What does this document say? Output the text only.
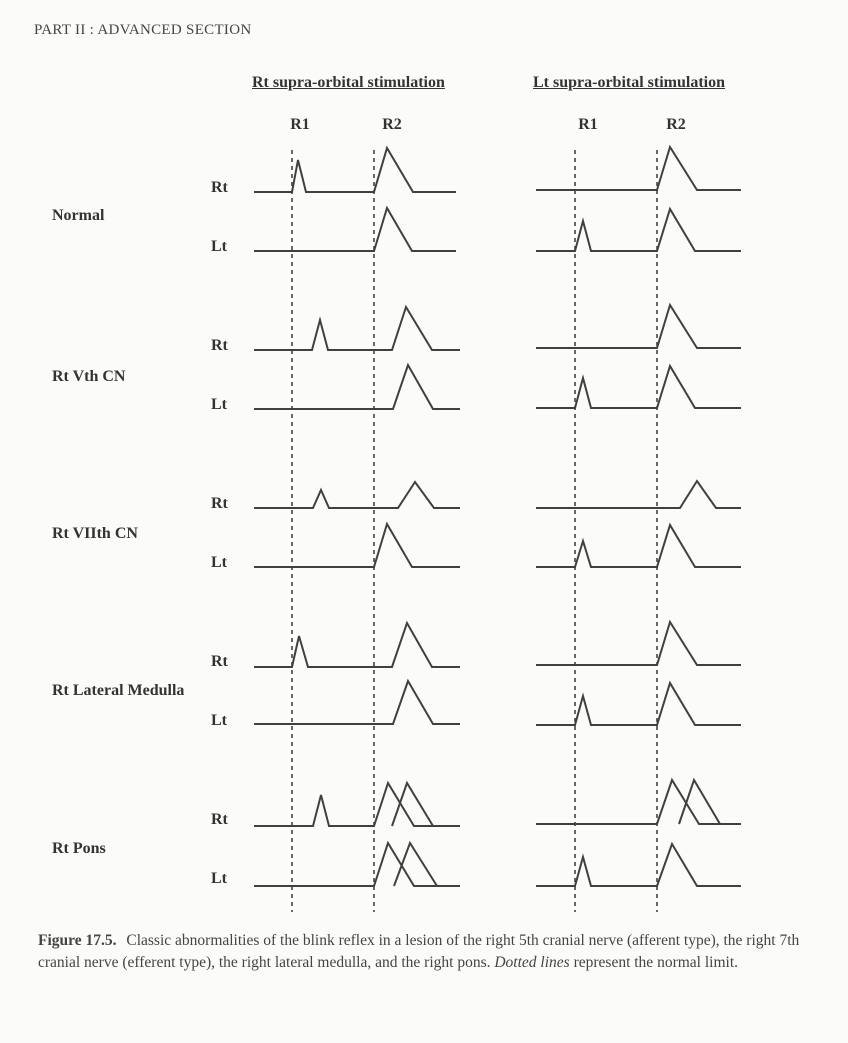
PART II : ADVANCED SECTION
Rt supra-orbital stimulation	Lt supra-orbital stimulation
R1	R2	R1	R2
Normal
Rt Vth CN
Rt VIIth CN
Rt Lateral Medulla
Rt Pons
Rt
Lt
Rt
Lt
Rt
Lt
Rt
Lt
Rt
Lt
Figure 17.5. Classic abnormalities of the blink reflex in a lesion of the right 5th cranial nerve (afferent type), the right 7th cranial nerve (efferent type), the right lateral medulla, and the right pons. Dotted lines represent the normal limit.
